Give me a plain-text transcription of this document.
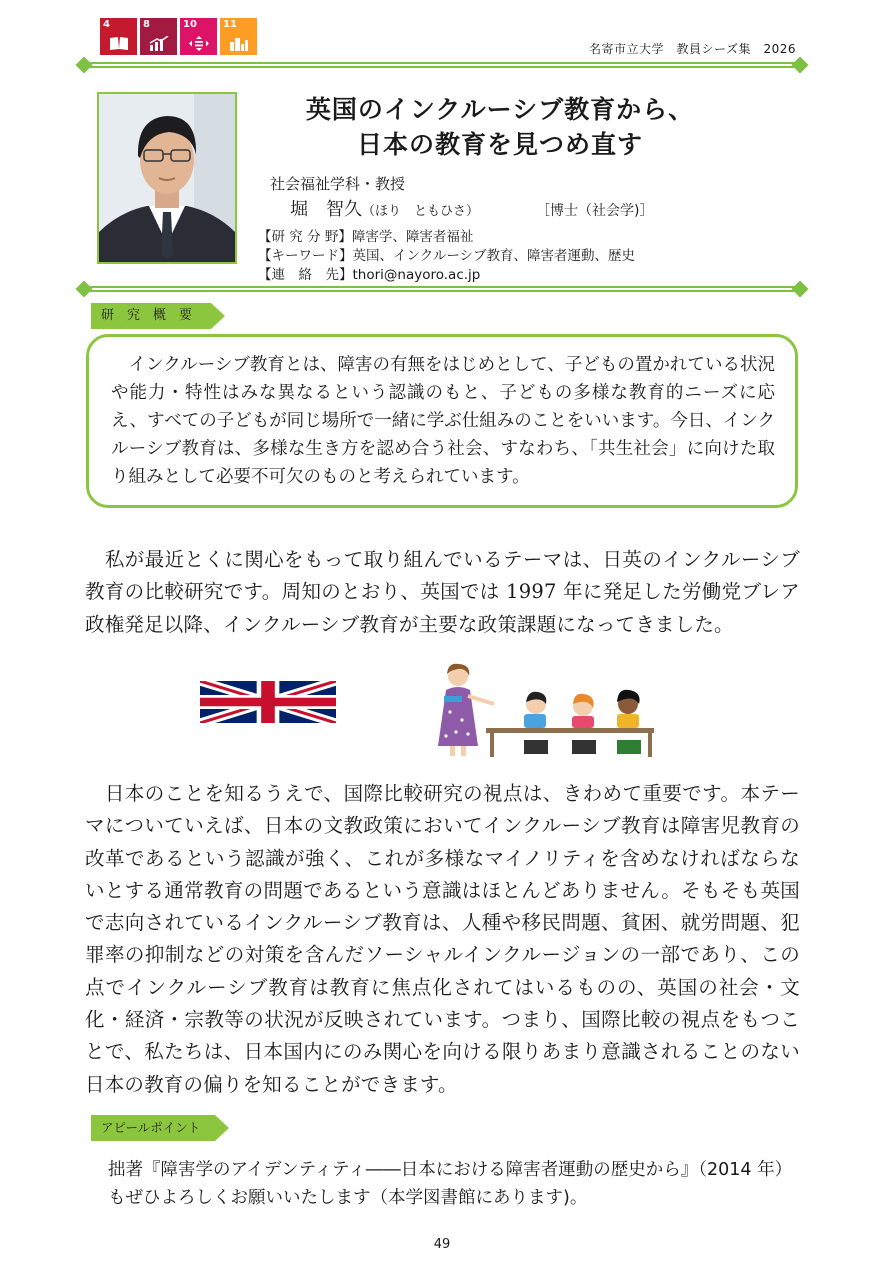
4	8	10	11
名寄市立大学　教員シーズ集　2026
英国のインクルーシブ教育から、
日本の教育を見つめ直す
社会福祉学科・教授
堀　智久（ほり　ともひさ）	［博士（社会学)］
【研 究 分 野】障害学、障害者福祉
【キーワード】英国、インクルーシブ教育、障害者運動、歴史
【連　絡　先】thori@nayoro.ac.jp
研　究　概　要
　インクルーシブ教育とは、障害の有無をはじめとして、子どもの置かれている状況や能力・特性はみな異なるという認識のもと、子どもの多様な教育的ニーズに応え、すべての子どもが同じ場所で一緒に学ぶ仕組みのことをいいます。今日、インクルーシブ教育は、多様な生き方を認め合う社会、すなわち、「共生社会」に向けた取り組みとして必要不可欠のものと考えられています。
　私が最近とくに関心をもって取り組んでいるテーマは、日英のインクルーシブ教育の比較研究です。周知のとおり、英国では 1997 年に発足した労働党ブレア政権発足以降、インクルーシブ教育が主要な政策課題になってきました。
　日本のことを知るうえで、国際比較研究の視点は、きわめて重要です。本テーマについていえば、日本の文教政策においてインクルーシブ教育は障害児教育の改革であるという認識が強く、これが多様なマイノリティを含めなければならないとする通常教育の問題であるという意識はほとんどありません。そもそも英国で志向されているインクルーシブ教育は、人種や移民問題、貧困、就労問題、犯罪率の抑制などの対策を含んだソーシャルインクルージョンの一部であり、この点でインクルーシブ教育は教育に焦点化されてはいるものの、英国の社会・文化・経済・宗教等の状況が反映されています。つまり、国際比較の視点をもつことで、私たちは、日本国内にのみ関心を向ける限りあまり意識されることのない日本の教育の偏りを知ることができます。
アピールポイント
拙著『障害学のアイデンティティ――日本における障害者運動の歴史から』（2014 年）もぜひよろしくお願いいたします（本学図書館にあります)。
49
